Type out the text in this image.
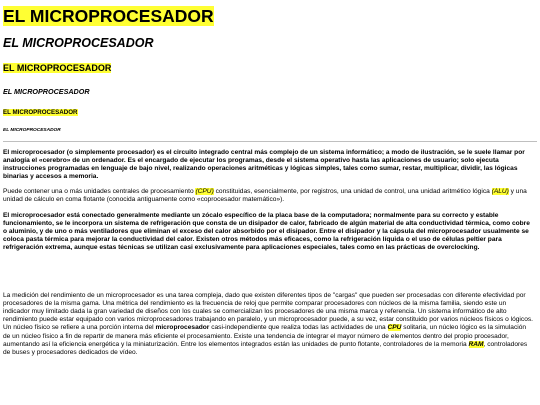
EL MICROPROCESADOR
EL MICROPROCESADOR
EL MICROPROCESADOR
EL MICROPROCESADOR
EL MICROPROCESADOR
EL MICROPROCESADOR

El microprocesador (o simplemente procesador) es el circuito integrado central más complejo de un sistema informático; a modo de ilustración, se le suele llamar por analogía el «cerebro» de un ordenador. Es el encargado de ejecutar los programas, desde el sistema operativo hasta las aplicaciones de usuario; solo ejecuta instrucciones programadas en lenguaje de bajo nivel, realizando operaciones aritméticas y lógicas simples, tales como sumar, restar, multiplicar, dividir, las lógicas binarias y accesos a memoria.

Puede contener una o más unidades centrales de procesamiento (CPU) constituidas, esencialmente, por registros, una unidad de control, una unidad aritmético lógica (ALU) y una unidad de cálculo en coma flotante (conocida antiguamente como «coprocesador matemático»).

El microprocesador está conectado generalmente mediante un zócalo específico de la placa base de la computadora; normalmente para su correcto y estable funcionamiento, se le incorpora un sistema de refrigeración que consta de un disipador de calor, fabricado de algún material de alta conductividad térmica, como cobre o aluminio, y de uno o más ventiladores que eliminan el exceso del calor absorbido por el disipador. Entre el disipador y la cápsula del microprocesador usualmente se coloca pasta térmica para mejorar la conductividad del calor. Existen otros métodos más eficaces, como la refrigeración líquida o el uso de células peltier para refrigeración extrema, aunque estas técnicas se utilizan casi exclusivamente para aplicaciones especiales, tales como en las prácticas de overclocking.

La medición del rendimiento de un microprocesador es una tarea compleja, dado que existen diferentes tipos de "cargas" que pueden ser procesadas con diferente efectividad por procesadores de la misma gama. Una métrica del rendimiento es la frecuencia de reloj que permite comparar procesadores con núcleos de la misma familia, siendo este un indicador muy limitado dada la gran variedad de diseños con los cuales se comercializan los procesadores de una misma marca y referencia. Un sistema informático de alto rendimiento puede estar equipado con varios microprocesadores trabajando en paralelo, y un microprocesador puede, a su vez, estar constituido por varios núcleos físicos o lógicos. Un núcleo físico se refiere a una porción interna del microprocesador casi-independiente que realiza todas las actividades de una CPU solitaria, un núcleo lógico es la simulación de un núcleo físico a fin de repartir de manera más eficiente el procesamiento. Existe una tendencia de integrar el mayor número de elementos dentro del propio procesador, aumentando así la eficiencia energética y la miniaturización. Entre los elementos integrados están las unidades de punto flotante, controladores de la memoria RAM, controladores de buses y procesadores dedicados de vídeo.
